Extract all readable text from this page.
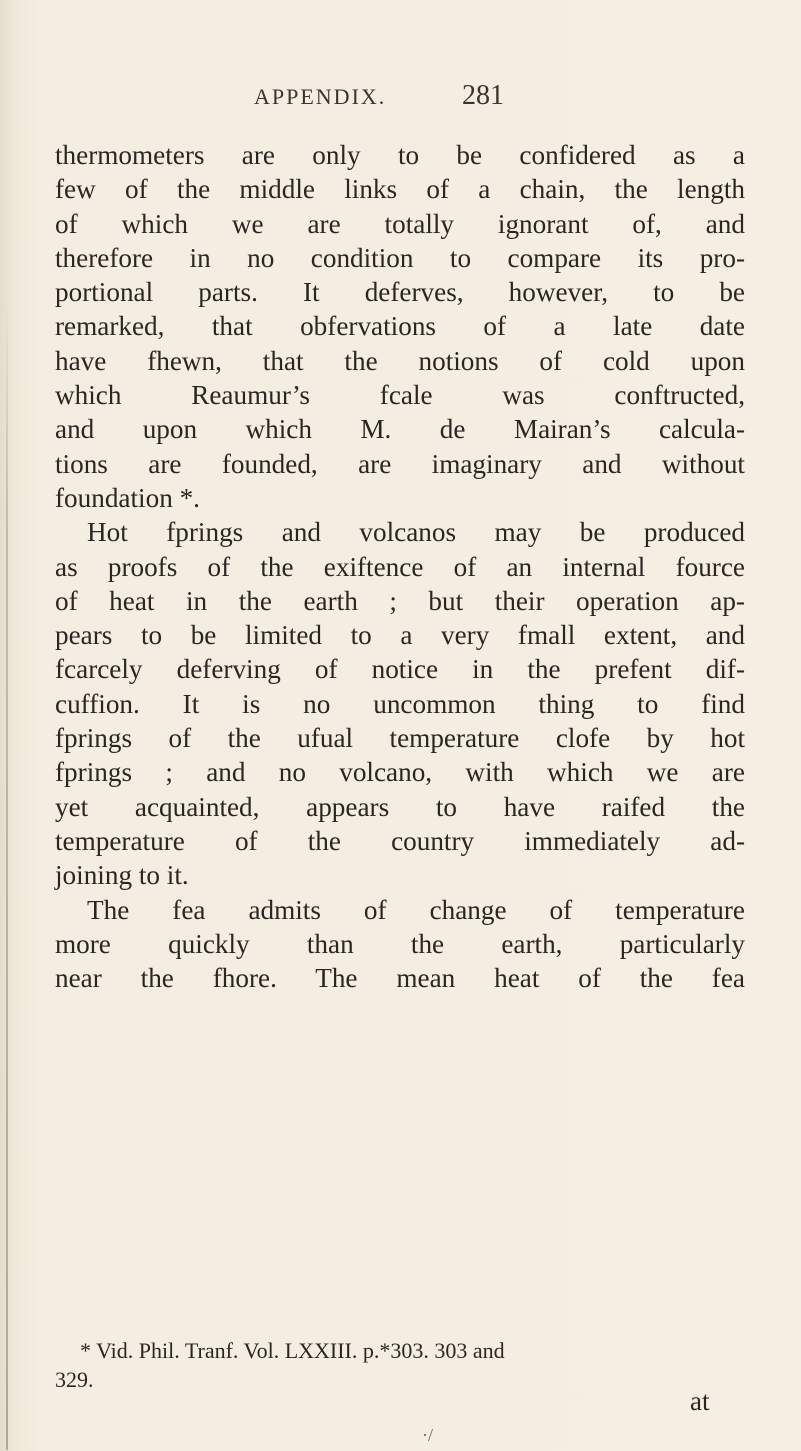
APPENDIX.	281
thermometers are only to be confidered as a
few of the middle links of a chain, the length
of which we are totally ignorant of, and
therefore in no condition to compare its pro-
portional parts. It deferves, however, to be
remarked, that obfervations of a late date
have fhewn, that the notions of cold upon
which Reaumur’s fcale was conftructed,
and upon which M. de Mairan’s calcula-
tions are founded, are imaginary and without
foundation *.
Hot fprings and volcanos may be produced
as proofs of the exiftence of an internal fource
of heat in the earth ; but their operation ap-
pears to be limited to a very fmall extent, and
fcarcely deferving of notice in the prefent dif-
cuffion. It is no uncommon thing to find
fprings of the ufual temperature clofe by hot
fprings ; and no volcano, with which we are
yet acquainted, appears to have raifed the
temperature of the country immediately ad-
joining to it.
The fea admits of change of temperature
more quickly than the earth, particularly
near the fhore. The mean heat of the fea
* Vid. Phil. Tranf. Vol. LXXIII. p.*303. 303 and
329.
at
·/
